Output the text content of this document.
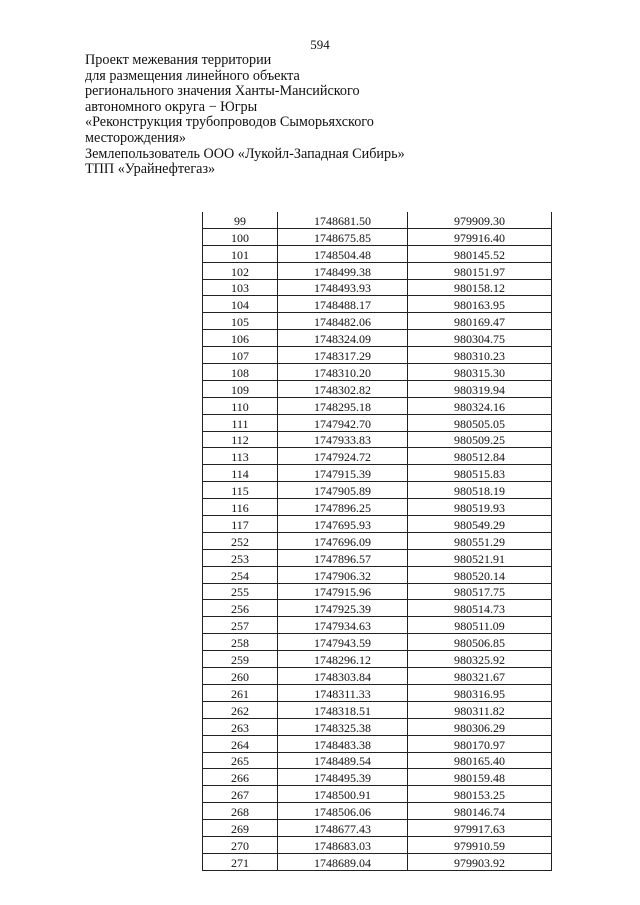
594
Проект межевания территории
для размещения линейного объекта
регионального значения Ханты-Мансийского
автономного округа − Югры
«Реконструкция трубопроводов Сыморьяхского
месторождения»
Землепользователь ООО «Лукойл-Западная Сибирь»
ТПП «Урайнефтегаз»
99	1748681.50	979909.30
100	1748675.85	979916.40
101	1748504.48	980145.52
102	1748499.38	980151.97
103	1748493.93	980158.12
104	1748488.17	980163.95
105	1748482.06	980169.47
106	1748324.09	980304.75
107	1748317.29	980310.23
108	1748310.20	980315.30
109	1748302.82	980319.94
110	1748295.18	980324.16
111	1747942.70	980505.05
112	1747933.83	980509.25
113	1747924.72	980512.84
114	1747915.39	980515.83
115	1747905.89	980518.19
116	1747896.25	980519.93
117	1747695.93	980549.29
252	1747696.09	980551.29
253	1747896.57	980521.91
254	1747906.32	980520.14
255	1747915.96	980517.75
256	1747925.39	980514.73
257	1747934.63	980511.09
258	1747943.59	980506.85
259	1748296.12	980325.92
260	1748303.84	980321.67
261	1748311.33	980316.95
262	1748318.51	980311.82
263	1748325.38	980306.29
264	1748483.38	980170.97
265	1748489.54	980165.40
266	1748495.39	980159.48
267	1748500.91	980153.25
268	1748506.06	980146.74
269	1748677.43	979917.63
270	1748683.03	979910.59
271	1748689.04	979903.92
